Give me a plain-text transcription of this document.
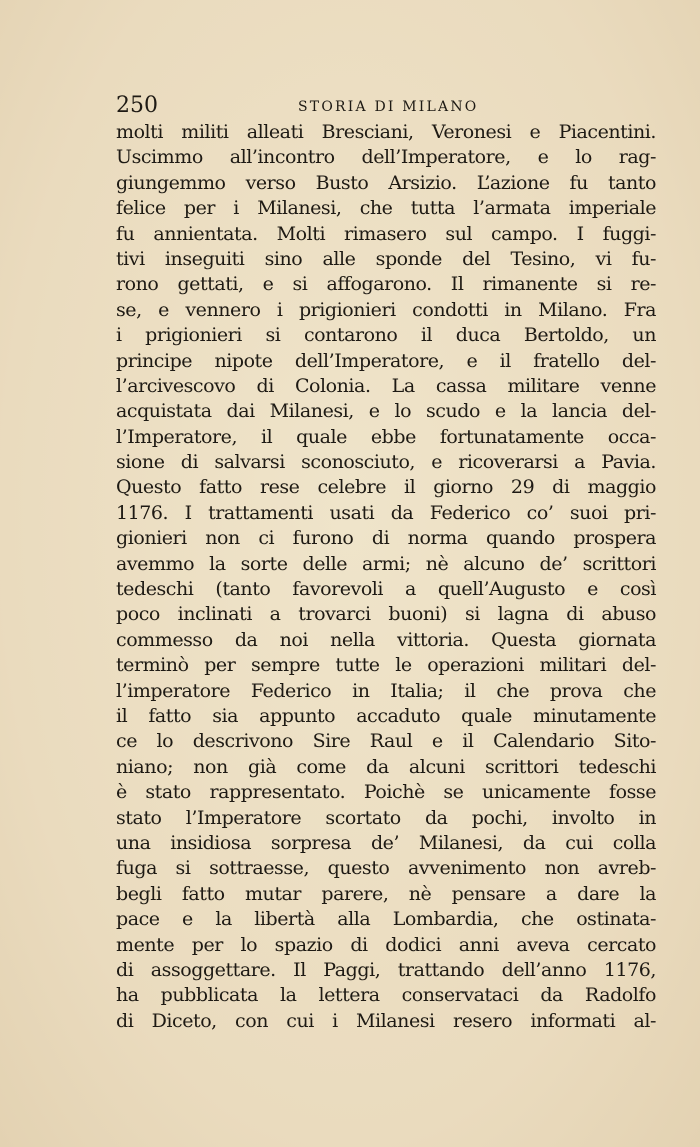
250	STORIA DI MILANO
molti militi alleati Bresciani, Veronesi e Piacentini.
Uscimmo all’incontro dell’Imperatore, e lo rag-
giungemmo verso Busto Arsizio. L’azione fu tanto
felice per i Milanesi, che tutta l’armata imperiale
fu annientata. Molti rimasero sul campo. I fuggi-
tivi inseguiti sino alle sponde del Tesino, vi fu-
rono gettati, e si affogarono. Il rimanente si re-
se, e vennero i prigionieri condotti in Milano. Fra
i prigionieri si contarono il duca Bertoldo, un
principe nipote dell’Imperatore, e il fratello del-
l’arcivescovo di Colonia. La cassa militare venne
acquistata dai Milanesi, e lo scudo e la lancia del-
l’Imperatore, il quale ebbe fortunatamente occa-
sione di salvarsi sconosciuto, e ricoverarsi a Pavia.
Questo fatto rese celebre il giorno 29 di maggio
1176. I trattamenti usati da Federico co’ suoi pri-
gionieri non ci furono di norma quando prospera
avemmo la sorte delle armi; nè alcuno de’ scrittori
tedeschi (tanto favorevoli a quell’Augusto e così
poco inclinati a trovarci buoni) si lagna di abuso
commesso da noi nella vittoria. Questa giornata
terminò per sempre tutte le operazioni militari del-
l’imperatore Federico in Italia; il che prova che
il fatto sia appunto accaduto quale minutamente
ce lo descrivono Sire Raul e il Calendario Sito-
niano; non già come da alcuni scrittori tedeschi
è stato rappresentato. Poichè se unicamente fosse
stato l’Imperatore scortato da pochi, involto in
una insidiosa sorpresa de’ Milanesi, da cui colla
fuga si sottraesse, questo avvenimento non avreb-
begli fatto mutar parere, nè pensare a dare la
pace e la libertà alla Lombardia, che ostinata-
mente per lo spazio di dodici anni aveva cercato
di assoggettare. Il Paggi, trattando dell’anno 1176,
ha pubblicata la lettera conservataci da Radolfo
di Diceto, con cui i Milanesi resero informati al-
